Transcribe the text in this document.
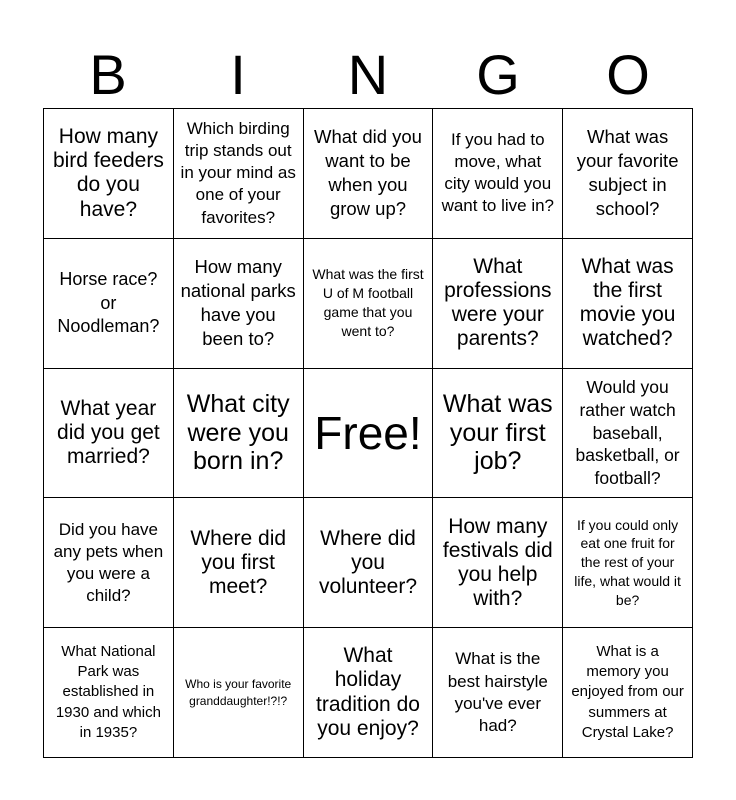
B	I	N	G	O
How many bird feeders do you have?
Which birding trip stands out in your mind as one of your favorites?
What did you want to be when you grow up?
If you had to move, what city would you want to live in?
What was your favorite subject in school?
Horse race? or Noodleman?
How many national parks have you been to?
What was the first U of M football game that you went to?
What professions were your parents?
What was the first movie you watched?
What year did you get married?
What city were you born in?
Free!
What was your first job?
Would you rather watch baseball, basketball, or football?
Did you have any pets when you were a child?
Where did you first meet?
Where did you volunteer?
How many festivals did you help with?
If you could only eat one fruit for the rest of your life, what would it be?
What National Park was established in 1930 and which in 1935?
Who is your favorite granddaughter!?!?
What holiday tradition do you enjoy?
What is the best hairstyle you've ever had?
What is a memory you enjoyed from our summers at Crystal Lake?
